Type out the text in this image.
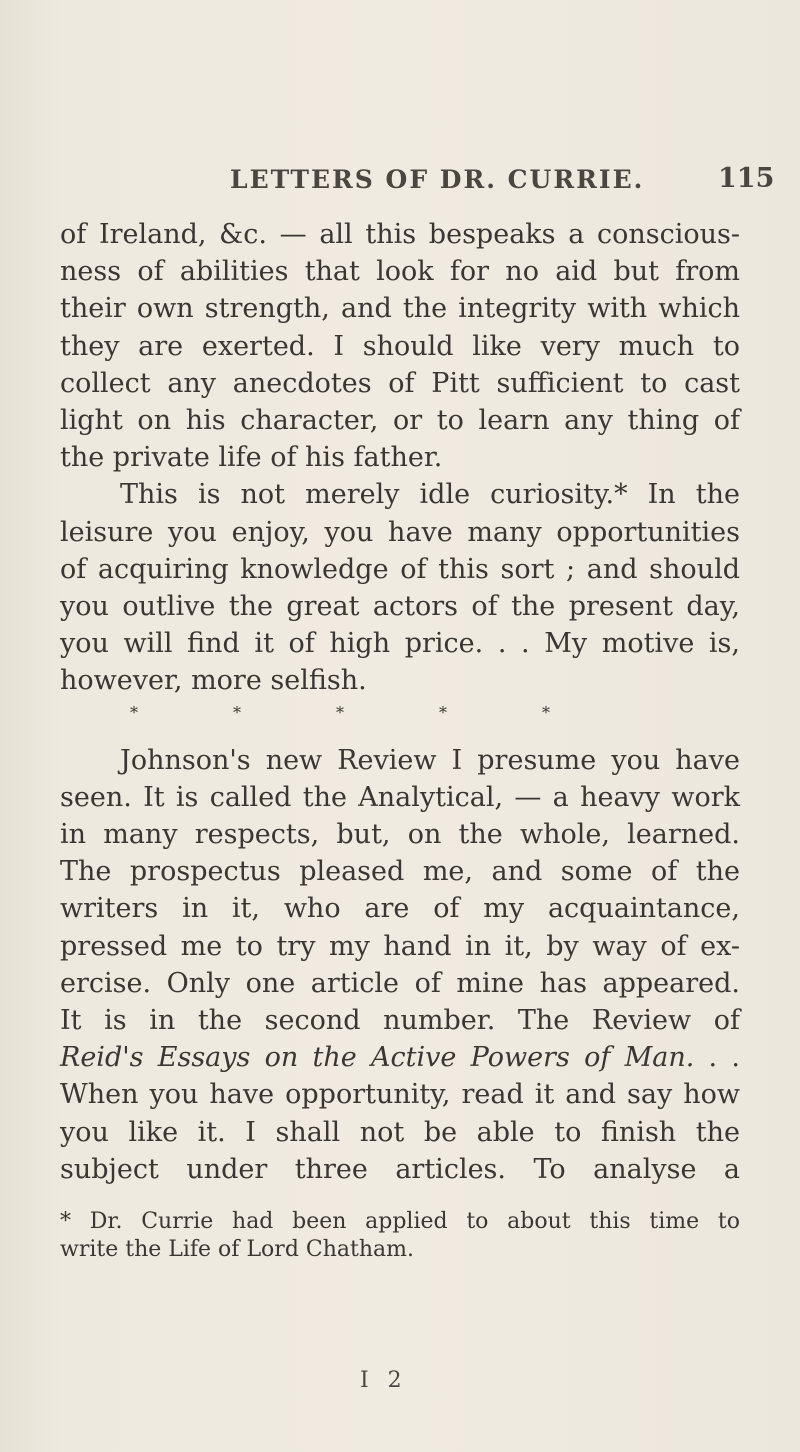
LETTERS OF DR. CURRIE.	115
of Ireland, &c. — all this bespeaks a conscious-
ness of abilities that look for no aid but from
their own strength, and the integrity with which
they are exerted. I should like very much to
collect any anecdotes of Pitt sufficient to cast
light on his character, or to learn any thing of
the private life of his father.
This is not merely idle curiosity.* In the
leisure you enjoy, you have many opportunities
of acquiring knowledge of this sort ; and should
you outlive the great actors of the present day,
you will find it of high price. . . My motive is,
however, more selfish.
*	*	*	*	*
Johnson's new Review I presume you have
seen. It is called the Analytical, — a heavy work
in many respects, but, on the whole, learned.
The prospectus pleased me, and some of the
writers in it, who are of my acquaintance,
pressed me to try my hand in it, by way of ex-
ercise. Only one article of mine has appeared.
It is in the second number. The Review of
Reid's Essays on the Active Powers of Man. . .
When you have opportunity, read it and say how
you like it. I shall not be able to finish the
subject under three articles. To analyse a
* Dr. Currie had been applied to about this time to
write the Life of Lord Chatham.
I 2
